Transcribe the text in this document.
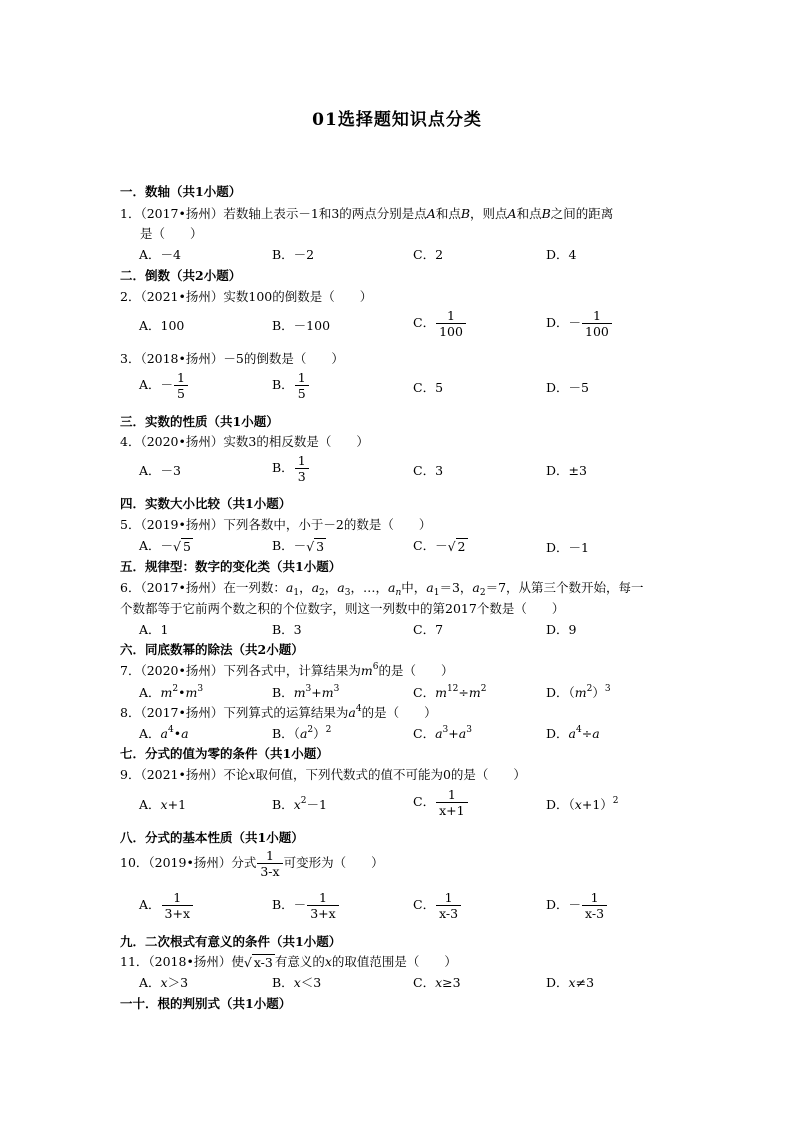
01选择题知识点分类
一．数轴（共1小题）
1．（2017•扬州）若数轴上表示－1和3的两点分别是点A和点B，则点A和点B之间的距离
是（　　）
A．－4	B．－2	C．2	D．4
二．倒数（共2小题）
2．（2021•扬州）实数100的倒数是（　　）
A．100	B．－100	C． $\frac{1}{100}$	D．－ $\frac{1}{100}$
3．（2018•扬州）－5的倒数是（　　）
A．－ $\frac{1}{5}$	B． $\frac{1}{5}$	C．5	D．－5
三．实数的性质（共1小题）
4．（2020•扬州）实数3的相反数是（　　）
A．－3	B． $\frac{1}{3}$	C．3	D．±3
四．实数大小比较（共1小题）
5．（2019•扬州）下列各数中，小于－2的数是（　　）
A．－√ 5	B．－√ 3	C．－√ 2	D．－1
五．规律型：数字的变化类（共1小题）
6．（2017•扬州）在一列数：$a_1$，$a_2$，$a_3$，…，$a_n$中，$a_1=3$，$a_2=7$，从第三个数开始，每一
个数都等于它前两个数之积的个位数字，则这一列数中的第2017个数是（　　）
A．1	B．3	C．7	D．9
六．同底数幂的除法（共2小题）
7．（2020•扬州）下列各式中，计算结果为$m^6$的是（　　）
A．$m^2•m^3$	B．$m^3+m^3$	C．$m^{12}\div m^2$	D．$(m^2)^3$
8．（2017•扬州）下列算式的运算结果为$a^4$的是（　　）
A．$a^4•a$	B．$(a^2)^2$	C．$a^3+a^3$	D．$a^4\div a$
七．分式的值为零的条件（共1小题）
9．（2021•扬州）不论x取何值，下列代数式的值不可能为0的是（　　）
A．x+1	B．$x^2-1$	C． $\frac{1}{x+1}$	D．$(x+1)^2$
八．分式的基本性质（共1小题）
10．（2019•扬州）分式 $\frac{1}{3-x}$ 可变形为（　　）
A． $\frac{1}{3+x}$	B．－ $\frac{1}{3+x}$	C． $\frac{1}{x-3}$	D．－ $\frac{1}{x-3}$
九．二次根式有意义的条件（共1小题）
11．（2018•扬州）使√ x-3 有意义的x的取值范围是（　　）
A．x＞3	B．x＜3	C．x≥3	D．x≠3
一十．根的判别式（共1小题）
